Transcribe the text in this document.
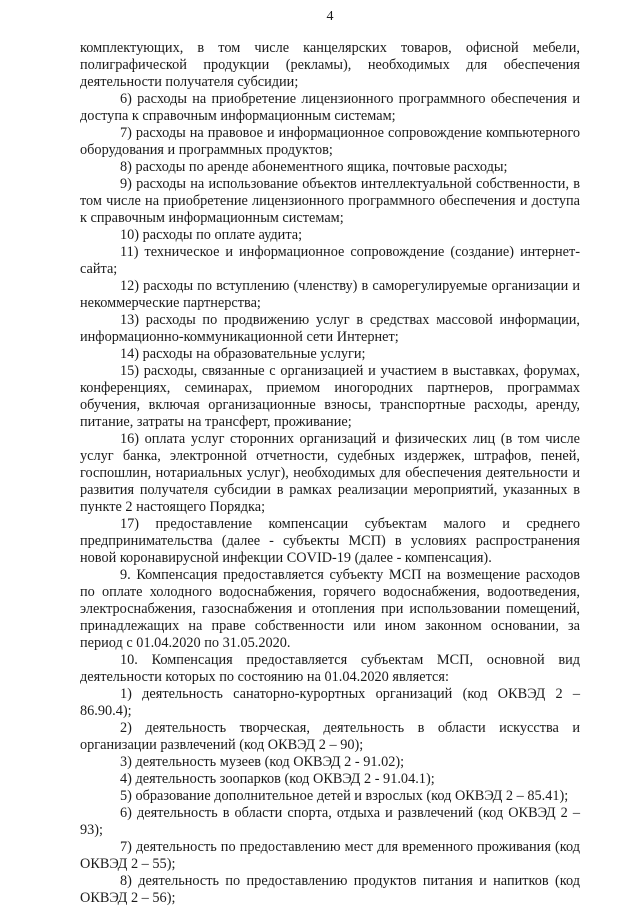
4

комплектующих, в том числе канцелярских товаров, офисной мебели, полиграфической продукции (рекламы), необходимых для обеспечения деятельности получателя субсидии;

6) расходы на приобретение лицензионного программного обеспечения и доступа к справочным информационным системам;

7) расходы на правовое и информационное сопровождение компьютерного оборудования и программных продуктов;

8) расходы по аренде абонементного ящика, почтовые расходы;

9) расходы на использование объектов интеллектуальной собственности, в том числе на приобретение лицензионного программного обеспечения и доступа к справочным информационным системам;

10) расходы по оплате аудита;

11) техническое и информационное сопровождение (создание) интернет-сайта;

12) расходы по вступлению (членству) в саморегулируемые организации и некоммерческие партнерства;

13) расходы по продвижению услуг в средствах массовой информации, информационно-коммуникационной сети Интернет;

14) расходы на образовательные услуги;

15) расходы, связанные с организацией и участием в выставках, форумах, конференциях, семинарах, приемом иногородних партнеров, программах обучения, включая организационные взносы, транспортные расходы, аренду, питание, затраты на трансферт, проживание;

16) оплата услуг сторонних организаций и физических лиц (в том числе услуг банка, электронной отчетности, судебных издержек, штрафов, пеней, госпошлин, нотариальных услуг), необходимых для обеспечения деятельности и развития получателя субсидии в рамках реализации мероприятий, указанных в пункте 2 настоящего Порядка;

17) предоставление компенсации субъектам малого и среднего предпринимательства (далее - субъекты МСП) в условиях распространения новой коронавирусной инфекции COVID-19 (далее - компенсация).

9. Компенсация предоставляется субъекту МСП на возмещение расходов по оплате холодного водоснабжения, горячего водоснабжения, водоотведения, электроснабжения, газоснабжения и отопления при использовании помещений, принадлежащих на праве собственности или ином законном основании, за период с 01.04.2020 по 31.05.2020.

10. Компенсация предоставляется субъектам МСП, основной вид деятельности которых по состоянию на 01.04.2020 является:

1) деятельность санаторно-курортных организаций (код ОКВЭД 2 – 86.90.4);

2) деятельность творческая, деятельность в области искусства и организации развлечений (код ОКВЭД 2 – 90);

3) деятельность музеев (код ОКВЭД 2 - 91.02);

4) деятельность зоопарков (код ОКВЭД 2 - 91.04.1);

5) образование дополнительное детей и взрослых (код ОКВЭД 2 – 85.41);

6) деятельность в области спорта, отдыха и развлечений (код ОКВЭД 2 – 93);

7) деятельность по предоставлению мест для временного проживания (код ОКВЭД 2 – 55);

8) деятельность по предоставлению продуктов питания и напитков (код ОКВЭД 2 – 56);
